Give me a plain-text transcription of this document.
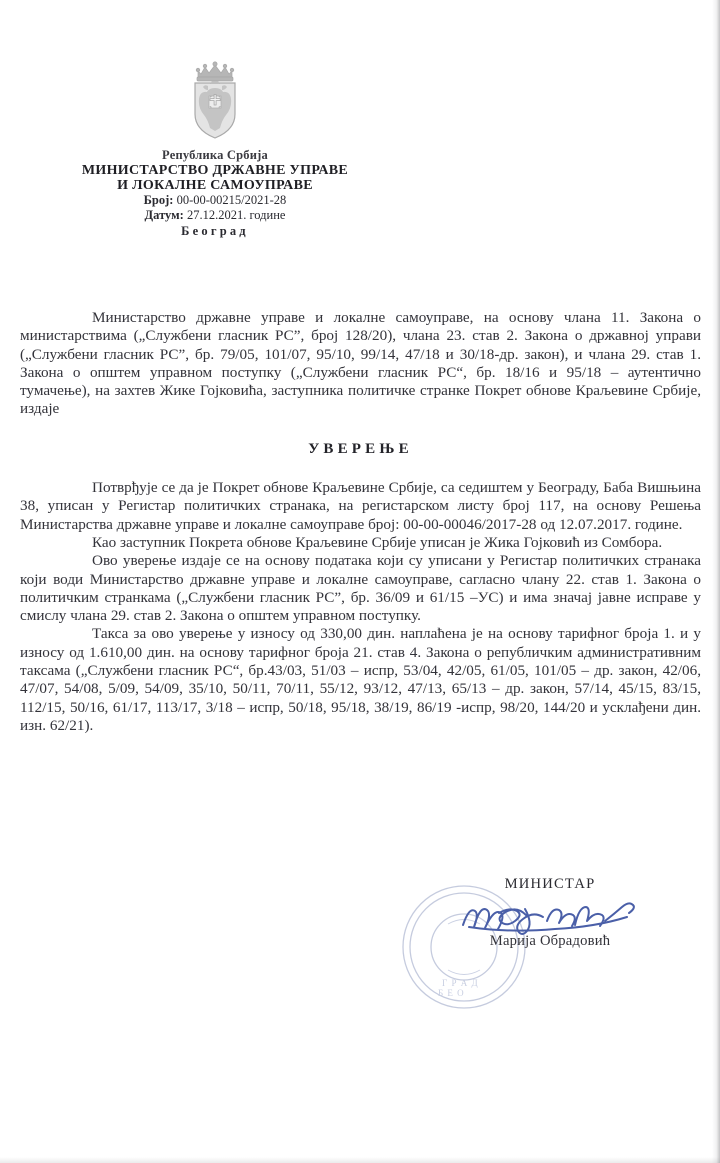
Република Србија
МИНИСТАРСТВО ДРЖАВНЕ УПРАВЕ
И ЛОКАЛНЕ САМОУПРАВЕ
Број: 00-00-00215/2021-28
Датум: 27.12.2021. године
Београд

Министарство државне управе и локалне самоуправе, на основу члана 11. Закона о министарствима („Службени гласник РС”, број 128/20), члана 23. став 2. Закона о државној управи („Службени гласник РС”, бр. 79/05, 101/07, 95/10, 99/14, 47/18 и 30/18-др. закон), и члана 29. став 1. Закона о општем управном поступку („Службени гласник РС“, бр. 18/16 и 95/18 – аутентично тумачење), на захтев Жике Гојковића, заступника политичке странке Покрет обнове Краљевине Србије, издаје

УВЕРЕЊЕ

Потврђује се да је Покрет обнове Краљевине Србије, са седиштем у Београду, Баба Вишњина 38, уписан у Регистар политичких странака, на регистарском листу број 117, на основу Решења Министарства државне управе и локалне самоуправе број: 00-00-00046/2017-28 од 12.07.2017. године.

Као заступник Покрета обнове Краљевине Србије уписан је Жика Гојковић из Сомбора.

Ово уверење издаје се на основу података који су уписани у Регистар политичких странака који води Министарство државне управе и локалне самоуправе, сагласно члану 22. став 1. Закона о политичким странкама („Службени гласник РС”, бр. 36/09 и 61/15 –УС) и има значај јавне исправе у смислу члана 29. став 2. Закона о општем управном поступку.

Такса за ово уверење у износу од 330,00 дин. наплаћена је на основу тарифног броја 1. и у износу од 1.610,00 дин. на основу тарифног броја 21. став 4. Закона о републичким административним таксама („Службени гласник РС“, бр.43/03, 51/03 – испр, 53/04, 42/05, 61/05, 101/05 – др. закон, 42/06, 47/07, 54/08, 5/09, 54/09, 35/10, 50/11, 70/11, 55/12, 93/12, 47/13, 65/13 – др. закон, 57/14, 45/15, 83/15, 112/15, 50/16, 61/17, 113/17, 3/18 – испр, 50/18, 95/18, 38/19, 86/19 -испр, 98/20, 144/20 и усклађени дин. изн. 62/21).

Г Р А Д
Б Е О
МИНИСТАР
Марија Обрадовић
